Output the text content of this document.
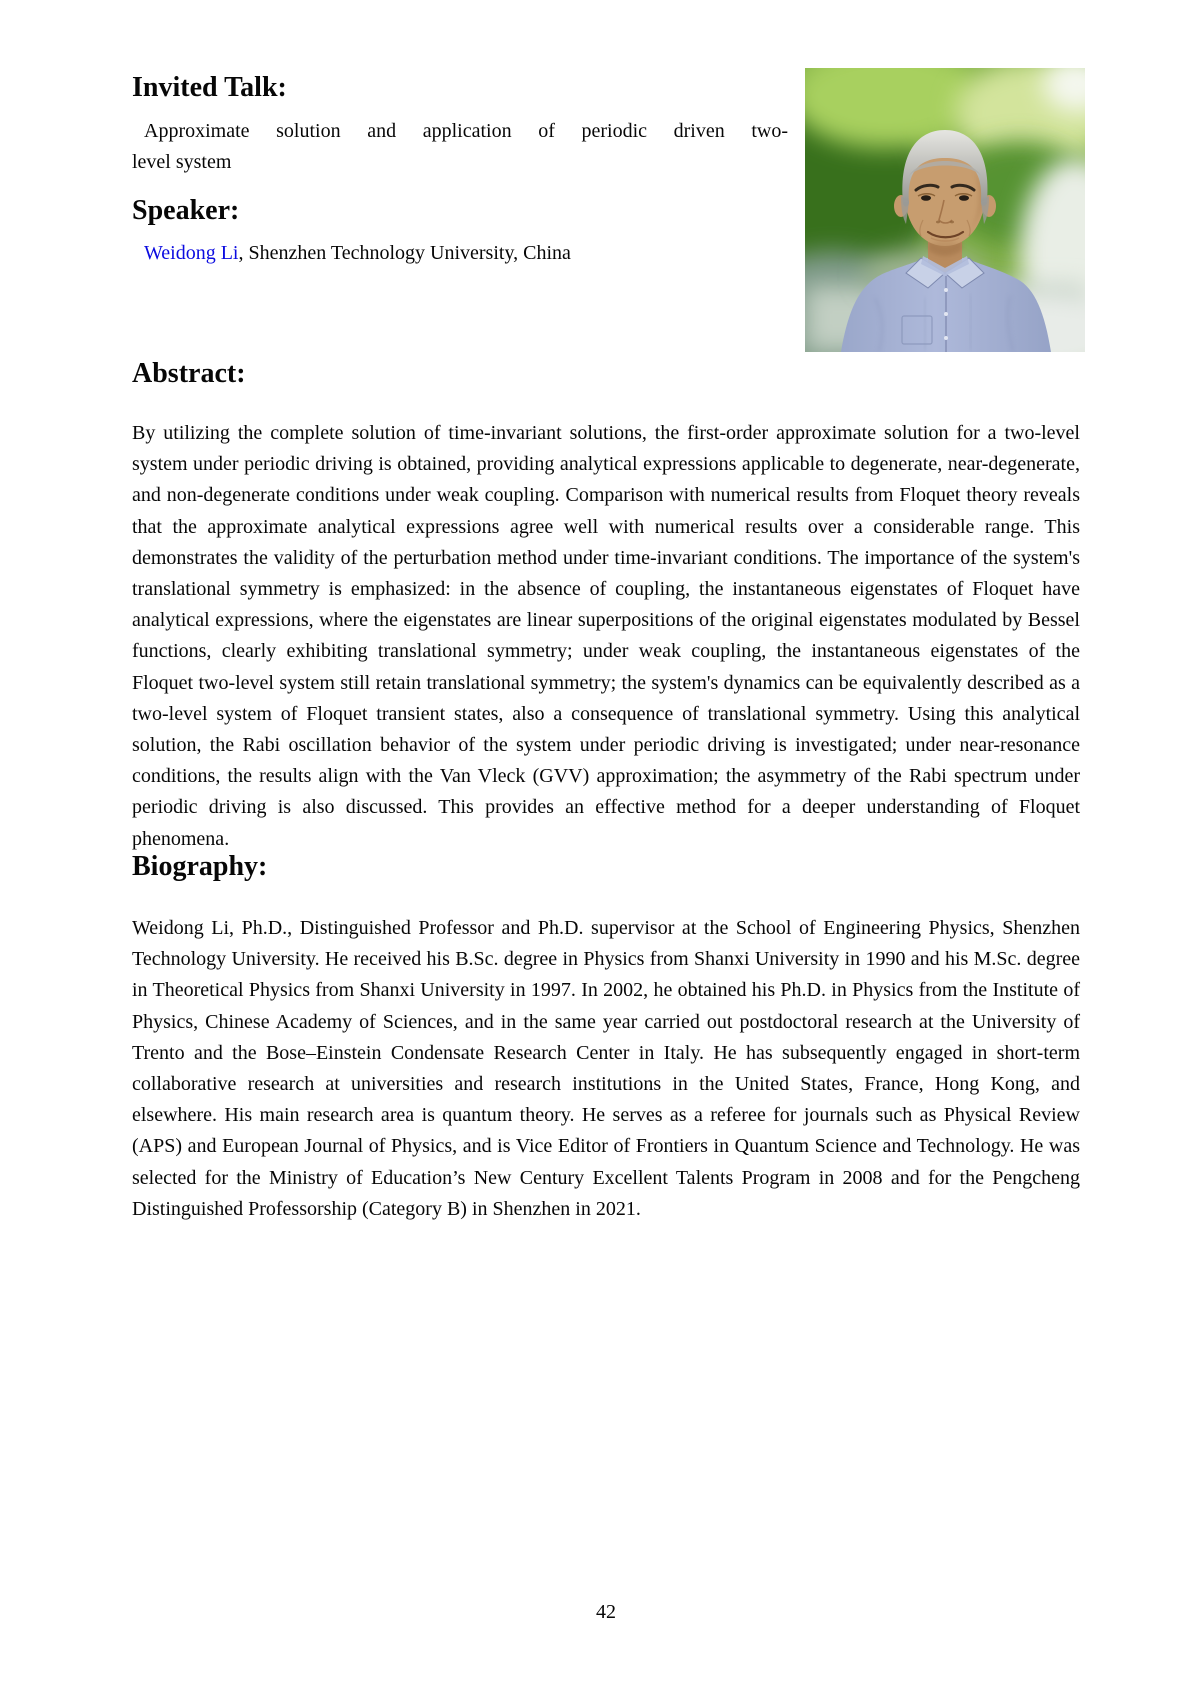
Invited Talk:
Approximate solution and application of periodic driven two-
level system
Speaker:
Weidong Li, Shenzhen Technology University, China
Abstract:

By utilizing the complete solution of time-invariant solutions, the first-order approximate solution for a two-level system under periodic driving is obtained, providing analytical expressions applicable to degenerate, near-degenerate, and non-degenerate conditions under weak coupling. Comparison with numerical results from Floquet theory reveals that the approximate analytical expressions agree well with numerical results over a considerable range. This demonstrates the validity of the perturbation method under time-invariant conditions. The importance of the system's translational symmetry is emphasized: in the absence of coupling, the instantaneous eigenstates of Floquet have analytical expressions, where the eigenstates are linear superpositions of the original eigenstates modulated by Bessel functions, clearly exhibiting translational symmetry; under weak coupling, the instantaneous eigenstates of the Floquet two-level system still retain translational symmetry; the system's dynamics can be equivalently described as a two-level system of Floquet transient states, also a consequence of translational symmetry. Using this analytical solution, the Rabi oscillation behavior of the system under periodic driving is investigated; under near-resonance conditions, the results align with the Van Vleck (GVV) approximation; the asymmetry of the Rabi spectrum under periodic driving is also discussed. This provides an effective method for a deeper understanding of Floquet phenomena.

Biography:

Weidong Li, Ph.D., Distinguished Professor and Ph.D. supervisor at the School of Engineering Physics, Shenzhen Technology University. He received his B.Sc. degree in Physics from Shanxi University in 1990 and his M.Sc. degree in Theoretical Physics from Shanxi University in 1997. In 2002, he obtained his Ph.D. in Physics from the Institute of Physics, Chinese Academy of Sciences, and in the same year carried out postdoctoral research at the University of Trento and the Bose–Einstein Condensate Research Center in Italy. He has subsequently engaged in short-term collaborative research at universities and research institutions in the United States, France, Hong Kong, and elsewhere. His main research area is quantum theory. He serves as a referee for journals such as Physical Review (APS) and European Journal of Physics, and is Vice Editor of Frontiers in Quantum Science and Technology. He was selected for the Ministry of Education’s New Century Excellent Talents Program in 2008 and for the Pengcheng Distinguished Professorship (Category B) in Shenzhen in 2021.

42
